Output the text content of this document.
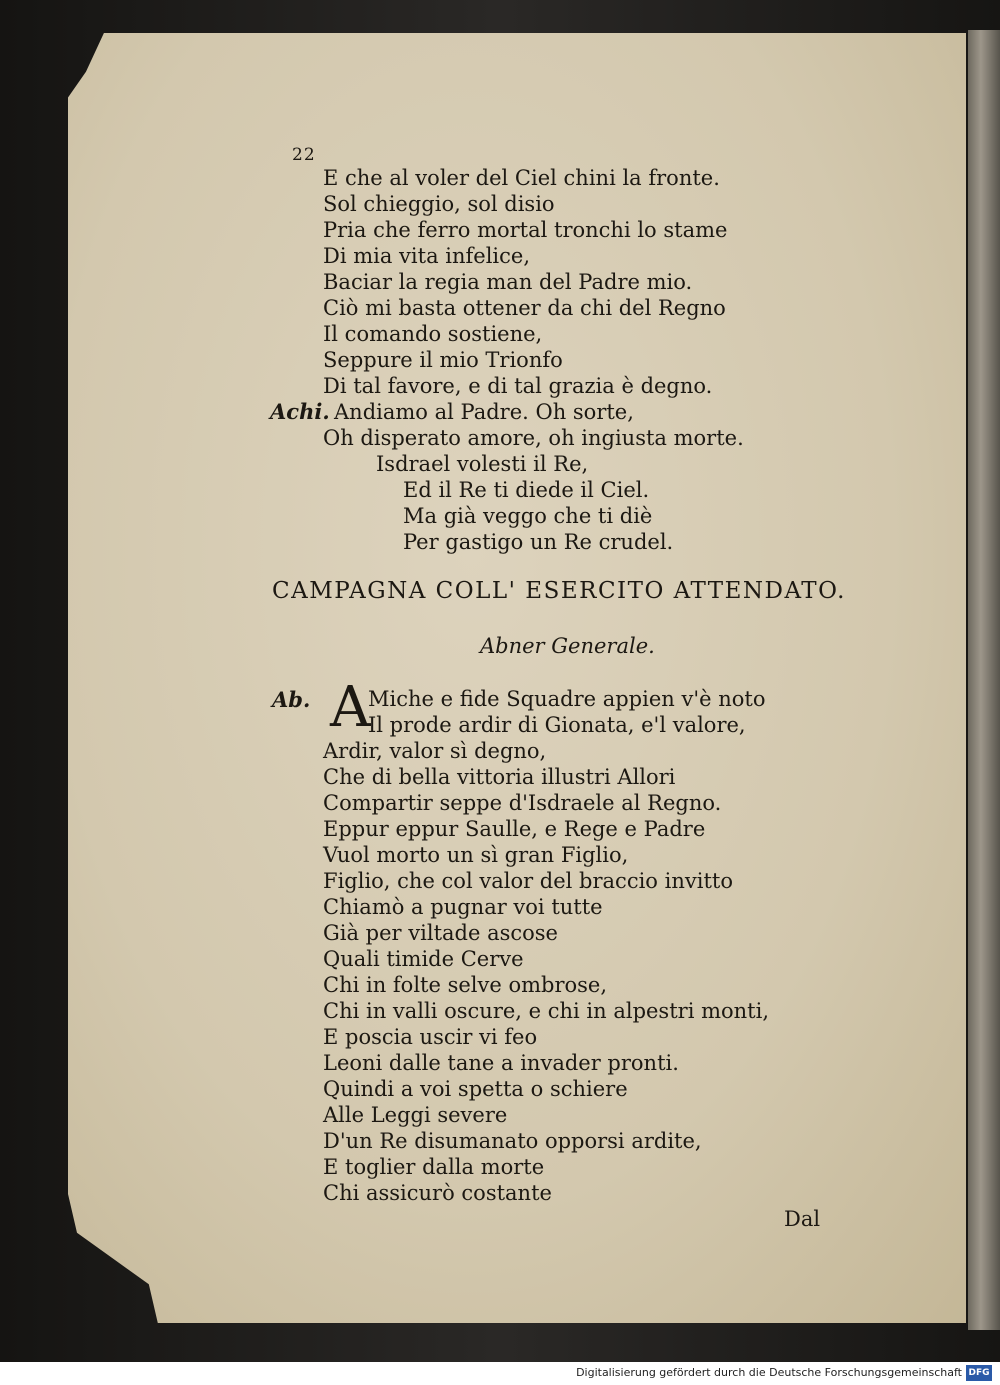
22
E che al voler del Ciel chini la fronte.
Sol chieggio, sol disio
Pria che ferro mortal tronchi lo stame
Di mia vita infelice,
Baciar la regia man del Padre mio.
Ciò mi basta ottener da chi del Regno
Il comando sostiene,
Seppure il mio Trionfo
Di tal favore, e di tal grazia è degno.
Achi. Andiamo al Padre. Oh sorte,
Oh disperato amore, oh ingiusta morte.
Isdrael volesti il Re,
Ed il Re ti diede il Ciel.
Ma già veggo che ti diè
Per gastigo un Re crudel.
CAMPAGNA COLL' ESERCITO ATTENDATO.
Abner Generale.
Ab. A
Miche e fide Squadre appien v'è noto
Il prode ardir di Gionata, e'l valore,
Ardir, valor sì degno,
Che di bella vittoria illustri Allori
Compartir seppe d'Isdraele al Regno.
Eppur eppur Saulle, e Rege e Padre
Vuol morto un sì gran Figlio,
Figlio, che col valor del braccio invitto
Chiamò a pugnar voi tutte
Già per viltade ascose
Quali timide Cerve
Chi in folte selve ombrose,
Chi in valli oscure, e chi in alpestri monti,
E poscia uscir vi feo
Leoni dalle tane a invader pronti.
Quindi a voi spetta o schiere
Alle Leggi severe
D'un Re disumanato opporsi ardite,
E toglier dalla morte
Chi assicurò costante
Dal
Digitalisierung gefördert durch die Deutsche Forschungsgemeinschaft DFG
